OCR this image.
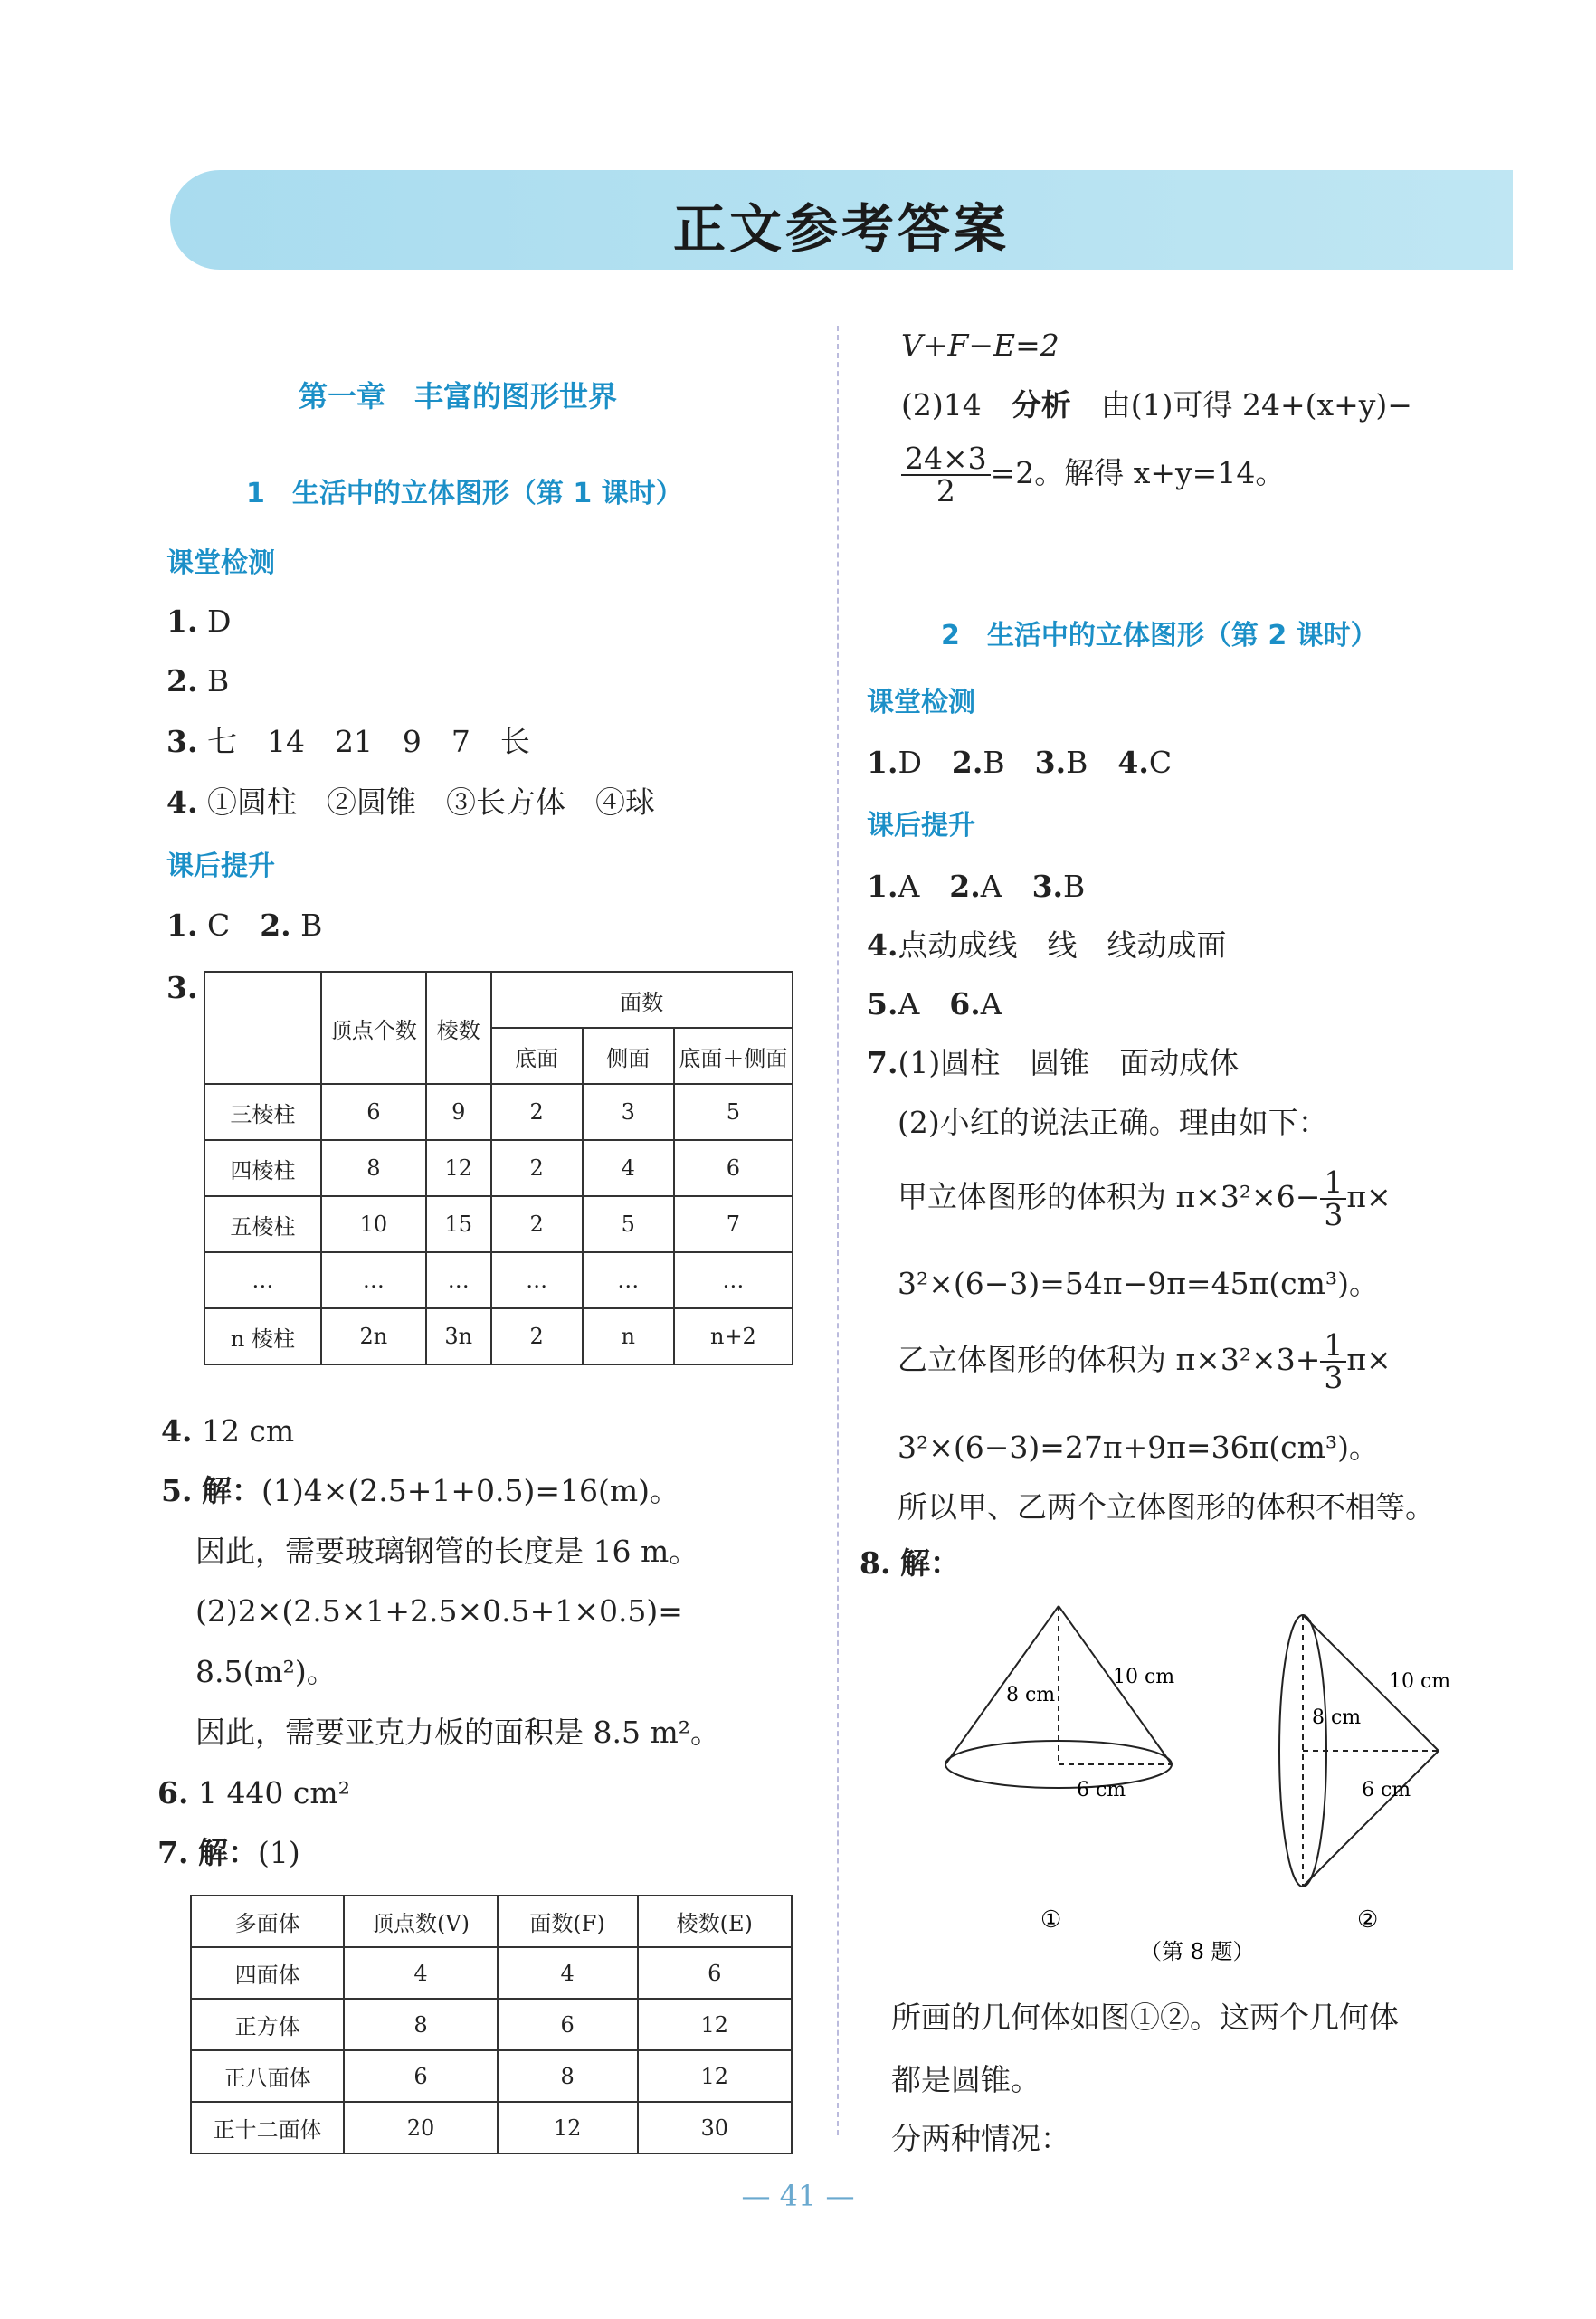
正文参考答案
第一章　丰富的图形世界
1　生活中的立体图形（第 1 课时）
课堂检测
1. D
2. B
3. 七　14　21　9　7　长
4. ①圆柱　②圆锥　③长方体　④球
课后提升
1. C　 2. B
3.
	顶点个数	棱数	面数		
			底面	侧面	底面＋侧面
三棱柱	6	9	2	3	5
四棱柱	8	12	2	4	6
五棱柱	10	15	2	5	7
…	…	…	…	…	…
n 棱柱	2n	3n	2	n	n+2
4. 12 cm
5. 解：(1)4×(2.5+1+0.5)=16(m)。
因此，需要玻璃钢管的长度是 16 m。
(2)2×(2.5×1+2.5×0.5+1×0.5)=
8.5(m²)。
因此，需要亚克力板的面积是 8.5 m²。
6. 1 440 cm²
7. 解：(1)
多面体	顶点数(V)	面数(F)	棱数(E)
四面体	4	4	6
正方体	8	6	12
正八面体	6	8	12
正十二面体	20	12	30
V+F−E=2
(2)14　分析　由(1)可得 24+(x+y)−
$\frac{24\times 3}{2} =2$。解得 x+y=14。
2　生活中的立体图形（第 2 课时）
课堂检测
1.D　 2.B　 3.B　 4.C
课后提升
1.A　 2.A　 3.B
4.点动成线　线　线动成面
5.A　 6.A
7.(1)圆柱　圆锥　面动成体
(2)小红的说法正确。理由如下：
甲立体图形的体积为 $\pi\times 3^2\times 6- \frac{1}{3} \pi\times$
3²×(6−3)=54π−9π=45π(cm³)。
乙立体图形的体积为 $\pi\times 3^2\times 3+ \frac{1}{3} \pi\times$
3²×(6−3)=27π+9π=36π(cm³)。
所以甲、乙两个立体图形的体积不相等。
8. 解：
10 cm
8 cm
6 cm
①
10 cm
8 cm
6 cm
②
（第 8 题）
所画的几何体如图①②。这两个几何体
都是圆锥。
分两种情况：
— 41 —
